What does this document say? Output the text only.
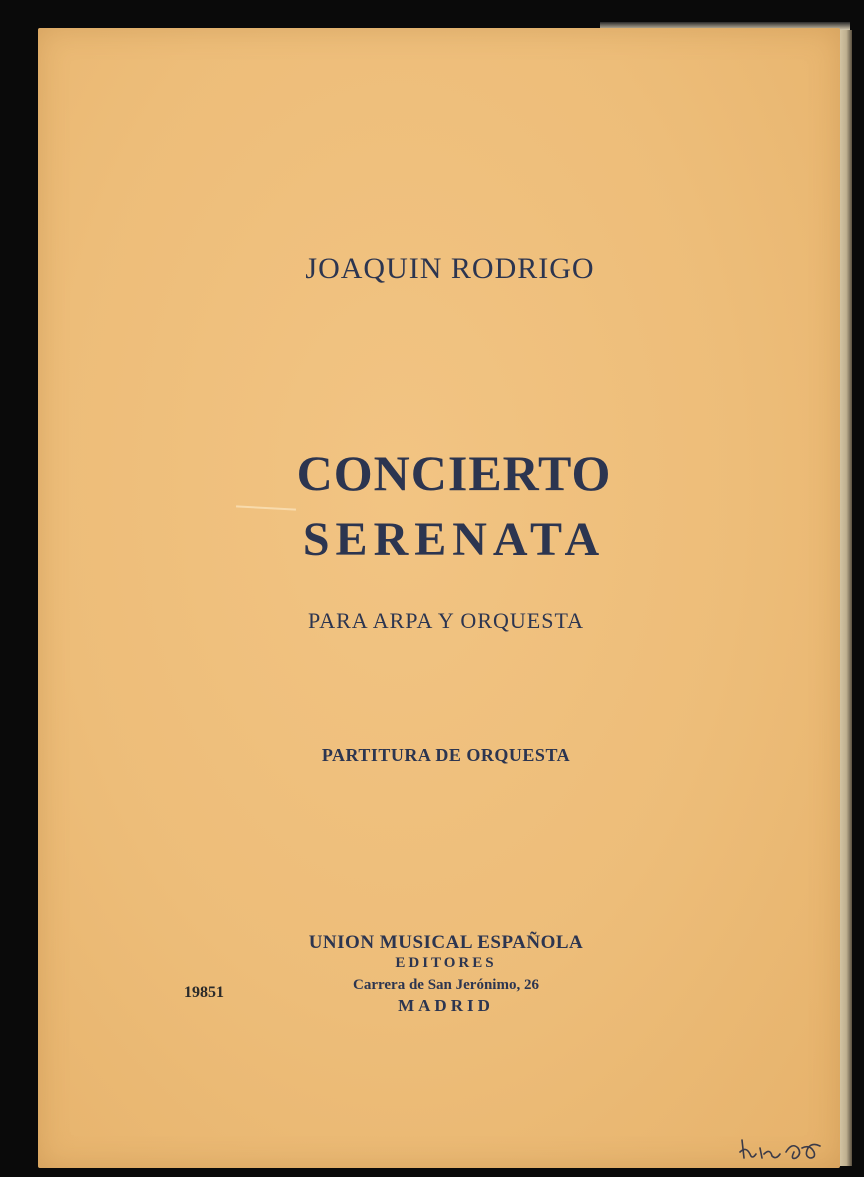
JOAQUIN RODRIGO
CONCIERTO
SERENATA
PARA ARPA Y ORQUESTA
PARTITURA DE ORQUESTA
UNION MUSICAL ESPAÑOLA
EDITORES
Carrera de San Jerónimo, 26
MADRID
19851
